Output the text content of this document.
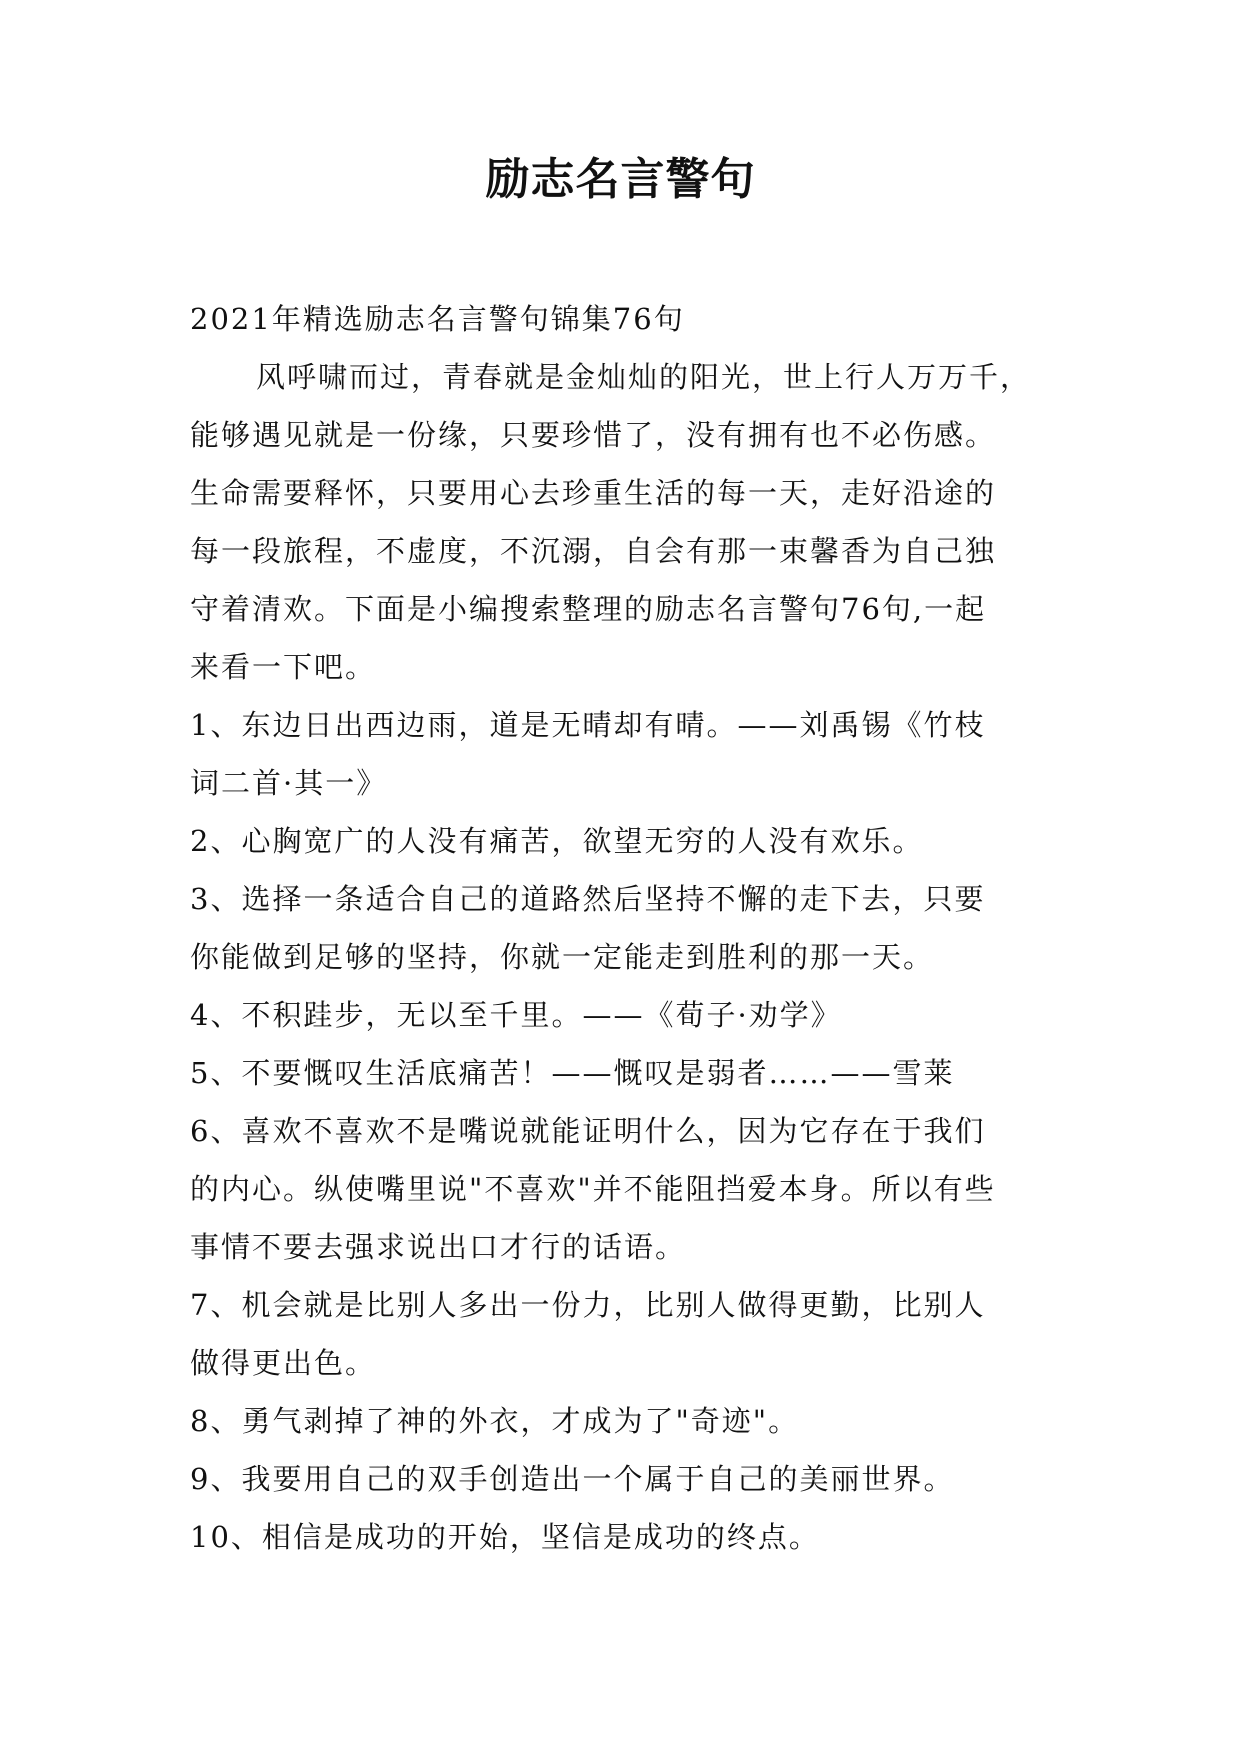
励志名言警句
2021年精选励志名言警句锦集76句
风呼啸而过，青春就是金灿灿的阳光，世上行人万万千，
能够遇见就是一份缘，只要珍惜了，没有拥有也不必伤感。
生命需要释怀，只要用心去珍重生活的每一天，走好沿途的
每一段旅程，不虚度，不沉溺，自会有那一束馨香为自己独
守着清欢。下面是小编搜索整理的励志名言警句76句,一起
来看一下吧。
1、东边日出西边雨，道是无晴却有晴。——刘禹锡《竹枝
词二首·其一》
2、心胸宽广的人没有痛苦，欲望无穷的人没有欢乐。
3、选择一条适合自己的道路然后坚持不懈的走下去，只要
你能做到足够的坚持，你就一定能走到胜利的那一天。
4、不积跬步，无以至千里。——《荀子·劝学》
5、不要慨叹生活底痛苦！——慨叹是弱者……——雪莱
6、喜欢不喜欢不是嘴说就能证明什么，因为它存在于我们
的内心。纵使嘴里说"不喜欢"并不能阻挡爱本身。所以有些
事情不要去强求说出口才行的话语。
7、机会就是比别人多出一份力，比别人做得更勤，比别人
做得更出色。
8、勇气剥掉了神的外衣，才成为了"奇迹"。
9、我要用自己的双手创造出一个属于自己的美丽世界。
10、相信是成功的开始，坚信是成功的终点。
